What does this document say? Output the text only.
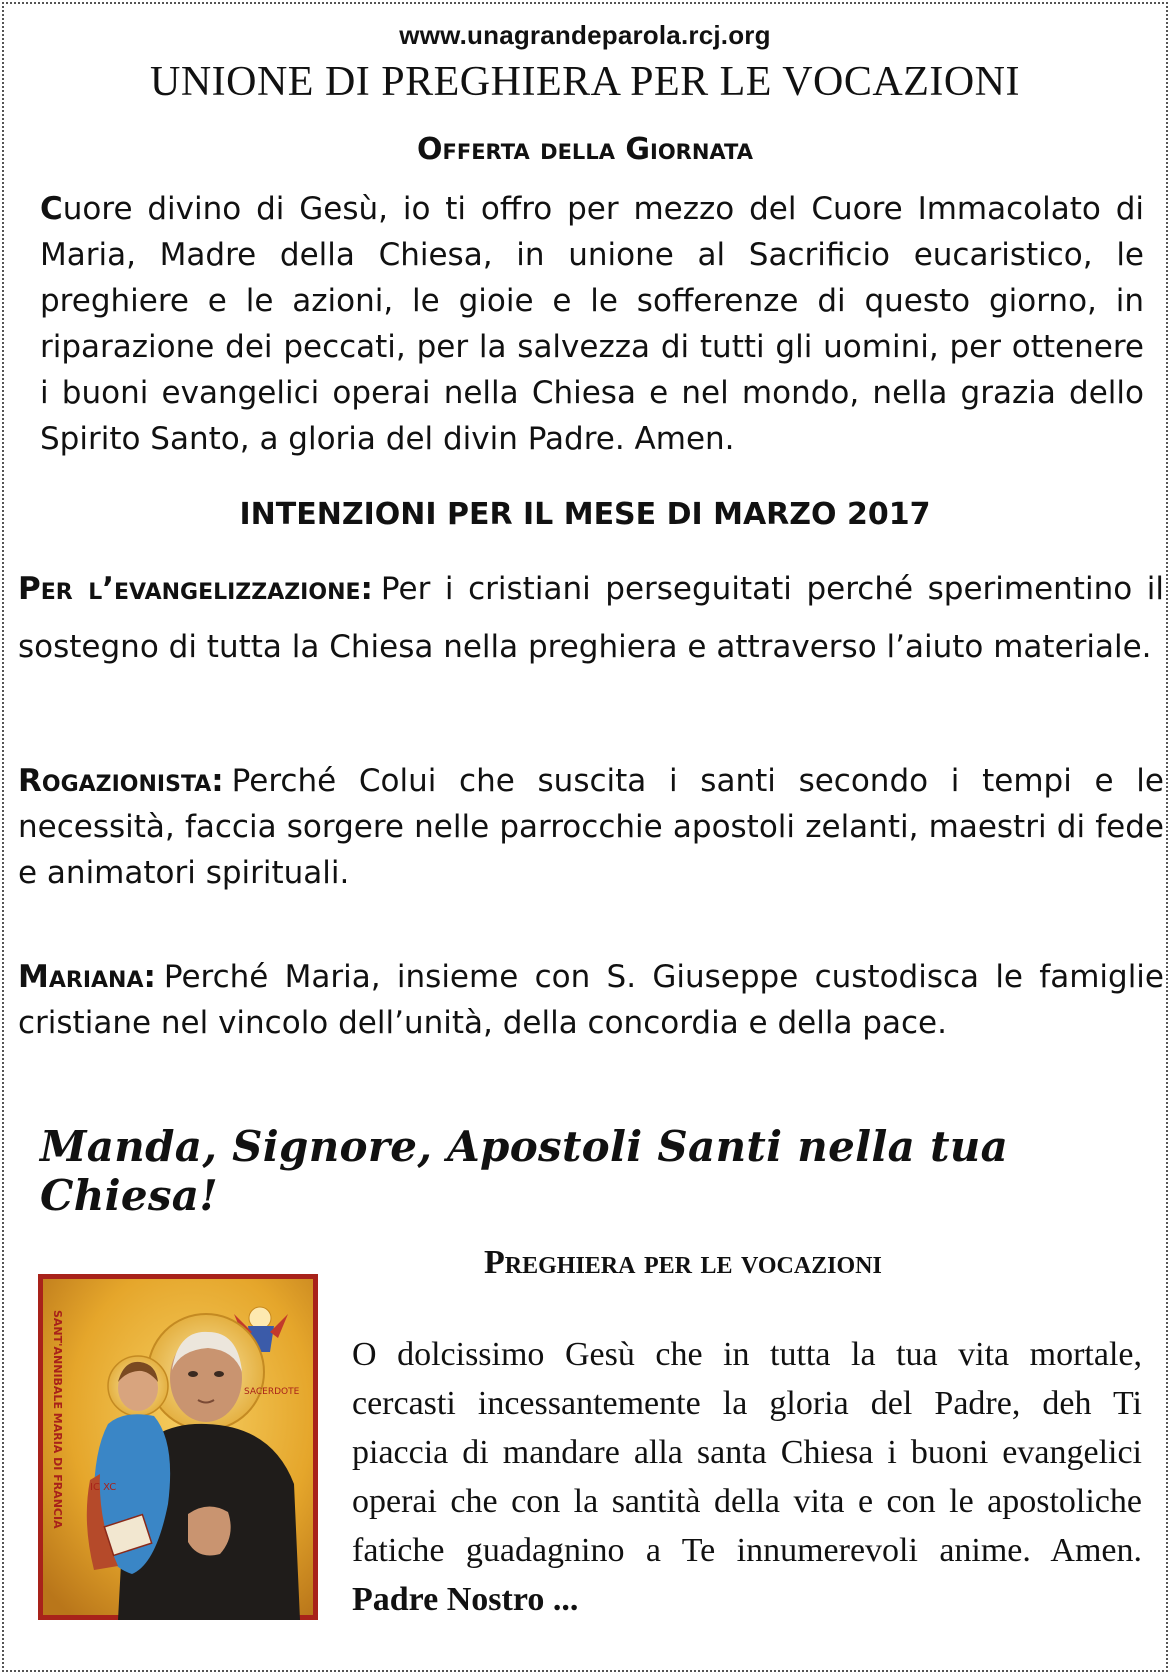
www.unagrandeparola.rcj.org
UNIONE DI PREGHIERA PER LE VOCAZIONI
Offerta della Giornata
Cuore divino di Gesù, io ti offro per mezzo del Cuore Immacolato di Maria, Madre della Chiesa, in unione al Sacrificio eucaristico, le preghiere e le azioni, le gioie e le sofferenze di questo giorno, in riparazione dei peccati, per la salvezza di tutti gli uomini, per ottenere i buoni evangelici operai nella Chiesa e nel mondo, nella grazia dello Spirito Santo, a gloria del divin Padre. Amen.
INTENZIONI PER IL MESE DI MARZO 2017
Per l’evangelizzazione: Per i cristiani perseguitati perché sperimentino il sostegno di tutta la Chiesa nella preghiera e attraverso l’aiuto materiale.
Rogazionista: Perché Colui che suscita i santi secondo i tempi e le necessità, faccia sorgere nelle parrocchie apostoli zelanti, maestri di fede e animatori spirituali.
Mariana: Perché Maria, insieme con S. Giuseppe custodisca le famiglie cristiane nel vincolo dell’unità, della concordia e della pace.
Manda, Signore, Apostoli Santi nella tua Chiesa!
SANT'ANNIBALE MARIA DI FRANCIA	SACERDOTE
IC XC
Preghiera per le vocazioni
O dolcissimo Gesù che in tutta la tua vita mortale, cercasti incessantemente la gloria del Padre, deh Ti piaccia di mandare alla santa Chiesa i buoni evangelici operai che con la santità della vita e con le apostoliche fatiche guadagnino a Te innumerevoli anime. Amen. Padre Nostro ...
